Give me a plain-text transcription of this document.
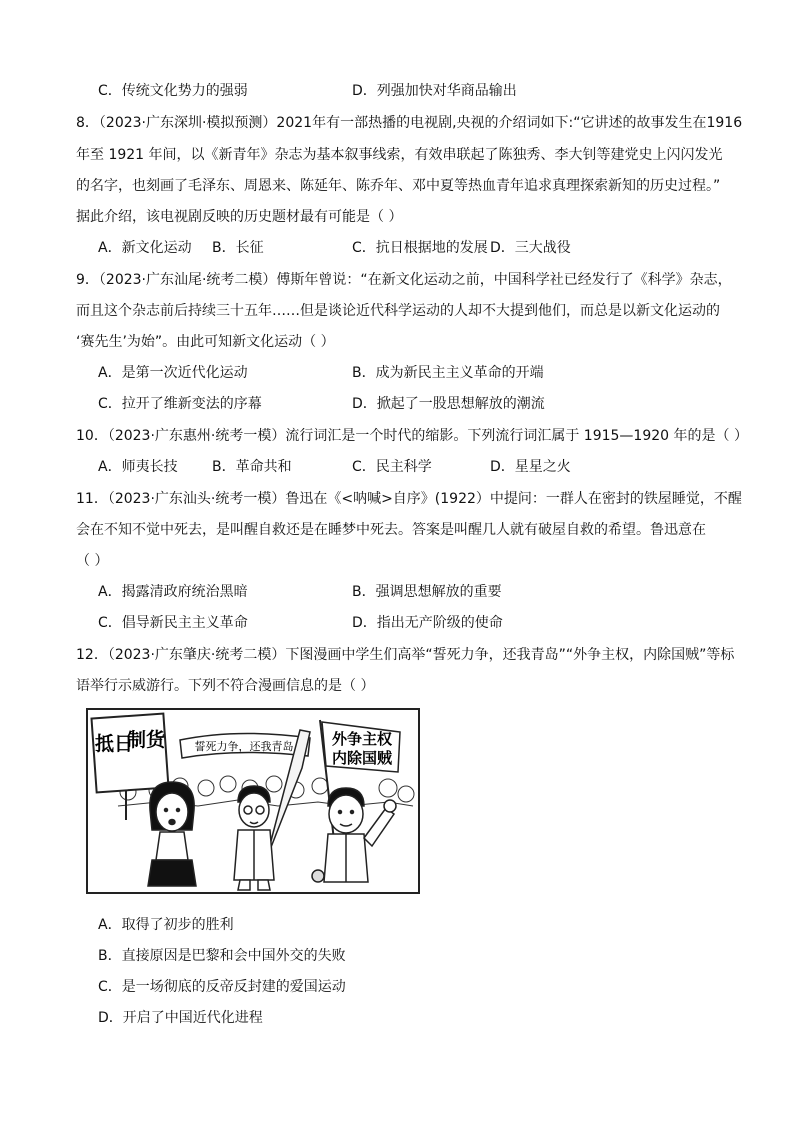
C．传统文化势力的强弱	D．列强加快对华商品输出
8．（2023·广东深圳·模拟预测）2021年有一部热播的电视剧,央视的介绍词如下:“它讲述的故事发生在1916
年至 1921 年间，以《新青年》杂志为基本叙事线索，有效串联起了陈独秀、李大钊等建党史上闪闪发光
的名字，也刻画了毛泽东、周恩来、陈延年、陈乔年、邓中夏等热血青年追求真理探索新知的历史过程。”
据此介绍，该电视剧反映的历史题材最有可能是（ ）
A．新文化运动 B．长征	C．抗日根据地的发展 D．三大战役
9．（2023·广东汕尾·统考二模）傅斯年曾说：“在新文化运动之前，中国科学社已经发行了《科学》杂志，
而且这个杂志前后持续三十五年……但是谈论近代科学运动的人却不大提到他们，而总是以新文化运动的
‘赛先生’为始”。由此可知新文化运动（ ）
A．是第一次近代化运动	B．成为新民主主义革命的开端
C．拉开了维新变法的序幕	D．掀起了一股思想解放的潮流
10．（2023·广东惠州·统考一模）流行词汇是一个时代的缩影。下列流行词汇属于 1915—1920 年的是（ ）
A．师夷长技 B．革命共和	C．民主科学	D．星星之火
11．（2023·广东汕头·统考一模）鲁迅在《<呐喊>自序》(1922）中提问：一群人在密封的铁屋睡觉，不醒
会在不知不觉中死去，是叫醒自救还是在睡梦中死去。答案是叫醒几人就有破屋自救的希望。鲁迅意在
（ ）
A．揭露清政府统治黑暗	B．强调思想解放的重要
C．倡导新民主主义革命	D．指出无产阶级的使命
12．（2023·广东肇庆·统考二模）下图漫画中学生们高举“誓死力争，还我青岛”“外争主权，内除国贼”等标
语举行示威游行。下列不符合漫画信息的是（ ）
抵日
制货	誓死力争，还我青岛	外争主权
内除国贼
A．取得了初步的胜利
B．直接原因是巴黎和会中国外交的失败
C．是一场彻底的反帝反封建的爱国运动
D．开启了中国近代化进程
